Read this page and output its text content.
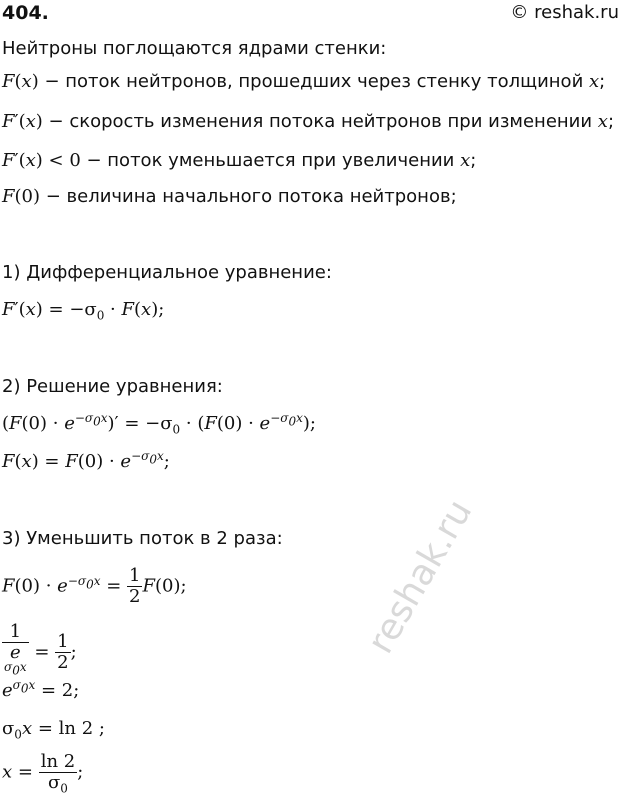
404.	© reshak.ru
Нейтроны поглощаются ядрами стенки:
F(x) − поток нейтронов, прошедших через стенку толщиной x;
F′(x) − скорость изменения потока нейтронов при изменении x;
F′(x) < 0 − поток уменьшается при увеличении x;
F(0) − величина начального потока нейтронов;
1) Дифференциальное уравнение:
$F'(x) = -\sigma_0 \cdot F(x)$;
2) Решение уравнения:
$(F(0) \cdot e^{-\sigma_0x})' = -\sigma_0 \cdot (F(0) \cdot e^{-\sigma_0x})$;
$F(x) = F(0) \cdot e^{-\sigma_0x}$;
3) Уменьшить поток в 2 раза:
$F(0) \cdot e^{-\sigma_0x} = \frac{1}{2} F(0)$;
1
e
$^{\sigma_0x} = \frac{1}{2}$ ;
$e^{\sigma_0x} = 2$;
$\sigma_0x = \ln 2$ ;
$x = \frac{\ln 2}{\sigma_0}$ ;
reshak.ru
